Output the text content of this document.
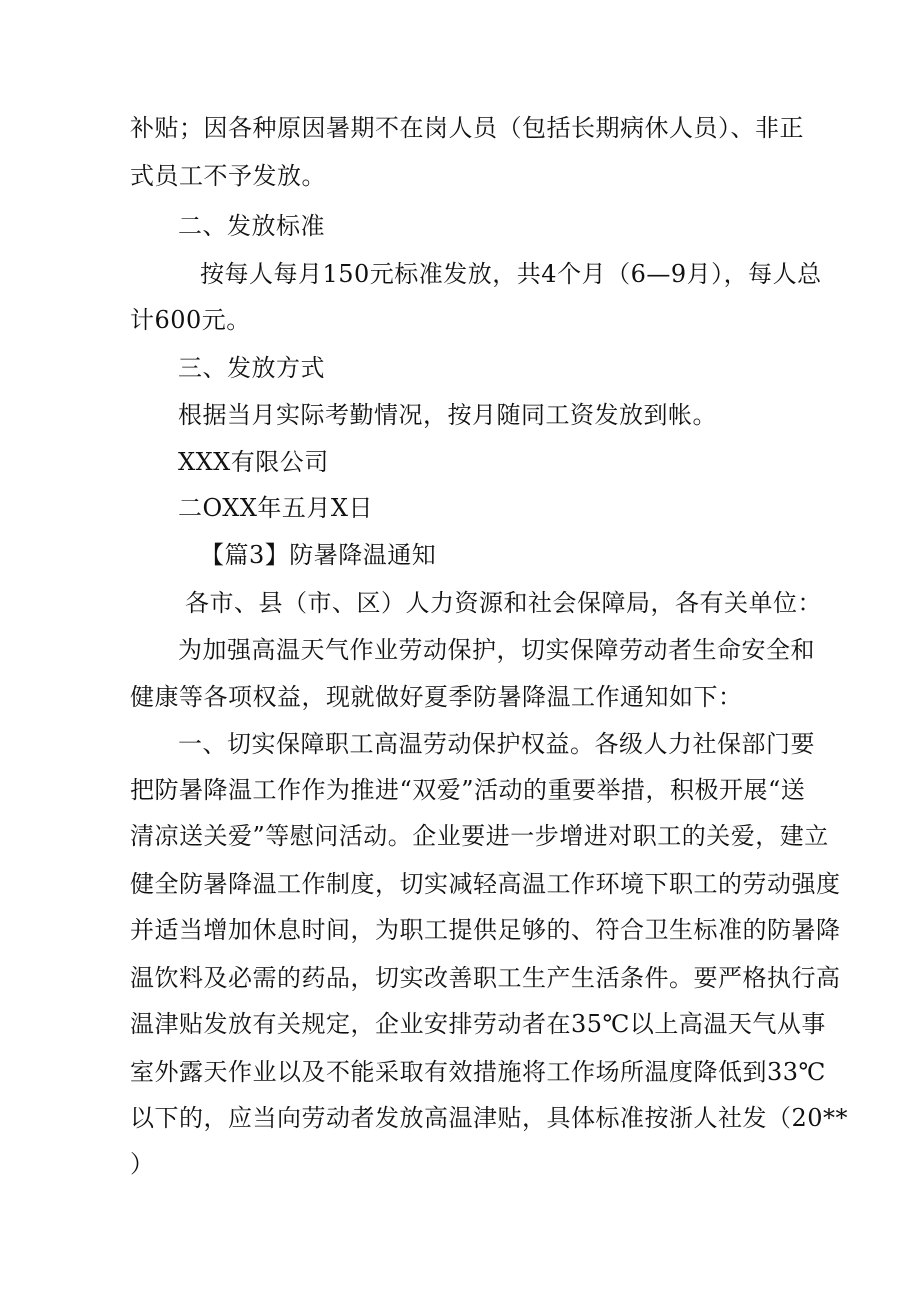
补贴；因各种原因暑期不在岗人员（包括长期病休人员）、非正
式员工不予发放。
二、发放标准
按每人每月150元标准发放，共4个月（6—9月），每人总
计600元。
三、发放方式
根据当月实际考勤情况，按月随同工资发放到帐。
XXX有限公司
二OXX年五月X日
【篇3】防暑降温通知
各市、县（市、区）人力资源和社会保障局，各有关单位：
为加强高温天气作业劳动保护，切实保障劳动者生命安全和
健康等各项权益，现就做好夏季防暑降温工作通知如下：
一、切实保障职工高温劳动保护权益。各级人力社保部门要
把防暑降温工作作为推进“双爱”活动的重要举措，积极开展“送
清凉送关爱”等慰问活动。企业要进一步增进对职工的关爱，建立
健全防暑降温工作制度，切实减轻高温工作环境下职工的劳动强度
并适当增加休息时间，为职工提供足够的、符合卫生标准的防暑降
温饮料及必需的药品，切实改善职工生产生活条件。要严格执行高
温津贴发放有关规定，企业安排劳动者在35℃以上高温天气从事
室外露天作业以及不能采取有效措施将工作场所温度降低到33℃
以下的，应当向劳动者发放高温津贴，具体标准按浙人社发（20**
）
